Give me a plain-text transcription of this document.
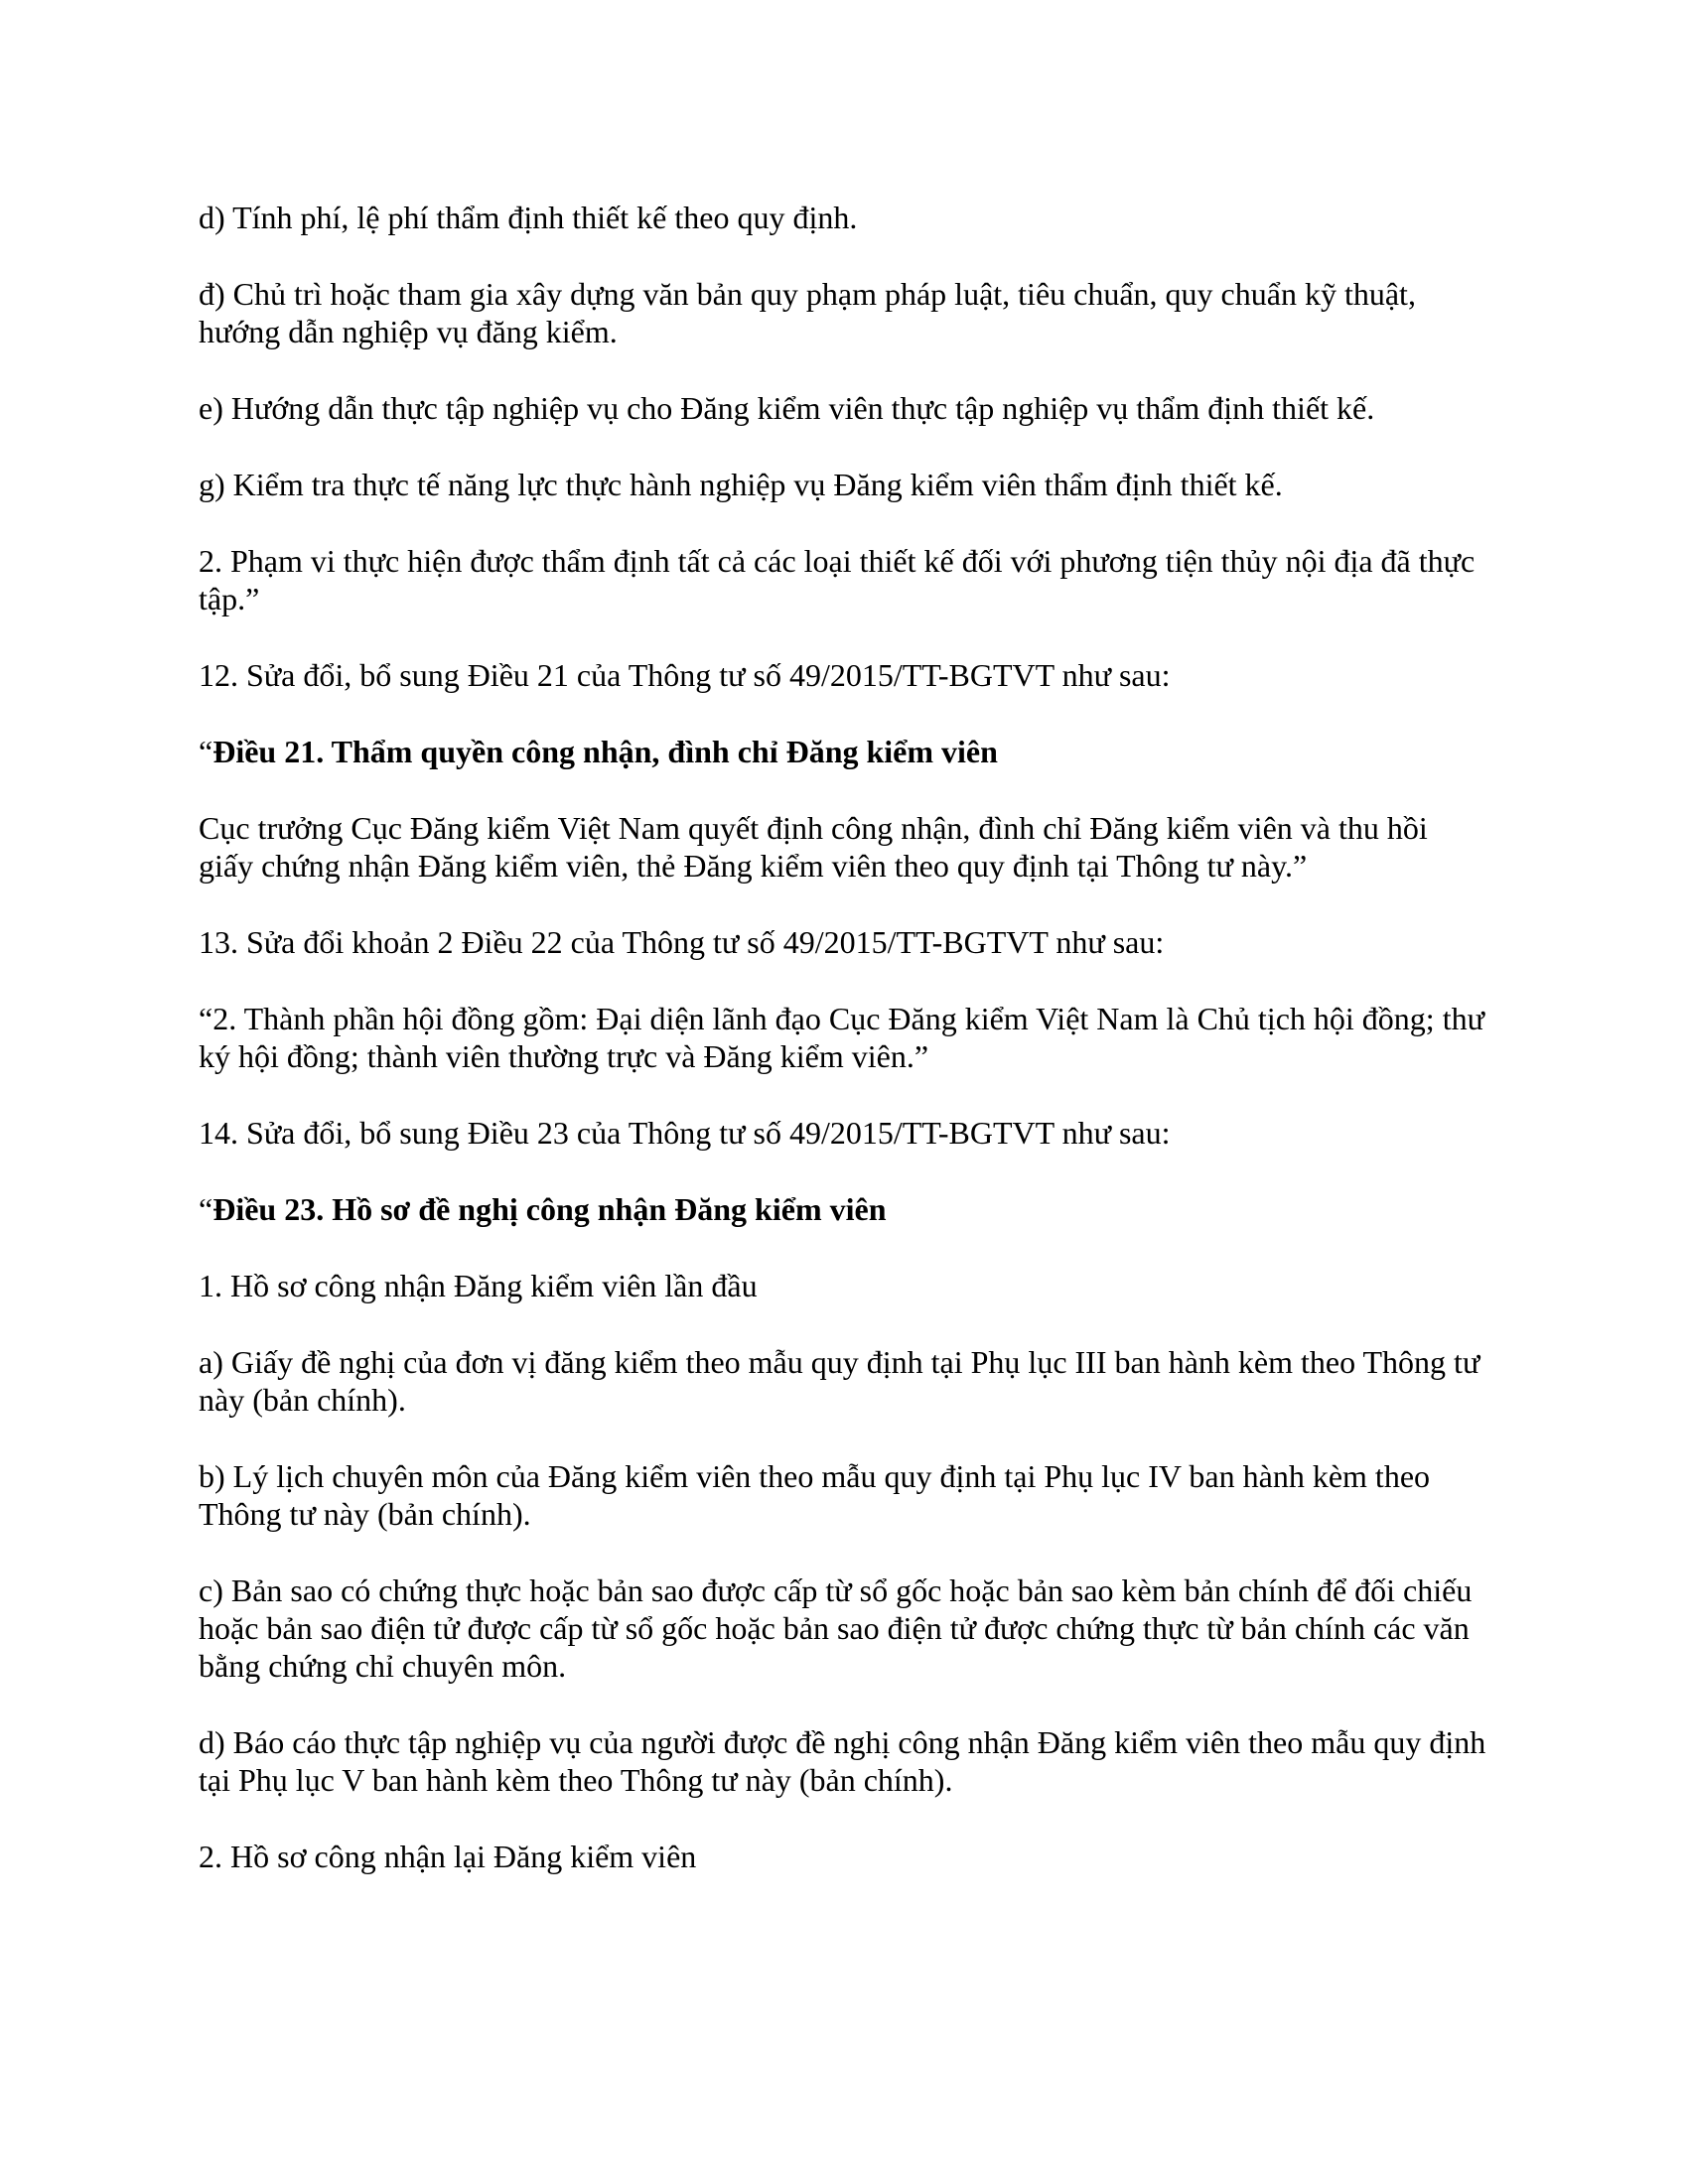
d) Tính phí, lệ phí thẩm định thiết kế theo quy định.

đ) Chủ trì hoặc tham gia xây dựng văn bản quy phạm pháp luật, tiêu chuẩn, quy chuẩn kỹ thuật, hướng dẫn nghiệp vụ đăng kiểm.

e) Hướng dẫn thực tập nghiệp vụ cho Đăng kiểm viên thực tập nghiệp vụ thẩm định thiết kế.

g) Kiểm tra thực tế năng lực thực hành nghiệp vụ Đăng kiểm viên thẩm định thiết kế.

2. Phạm vi thực hiện được thẩm định tất cả các loại thiết kế đối với phương tiện thủy nội địa đã thực tập.”

12. Sửa đổi, bổ sung Điều 21 của Thông tư số 49/2015/TT-BGTVT như sau:

“Điều 21. Thẩm quyền công nhận, đình chỉ Đăng kiểm viên

Cục trưởng Cục Đăng kiểm Việt Nam quyết định công nhận, đình chỉ Đăng kiểm viên và thu hồi giấy chứng nhận Đăng kiểm viên, thẻ Đăng kiểm viên theo quy định tại Thông tư này.”

13. Sửa đổi khoản 2 Điều 22 của Thông tư số 49/2015/TT-BGTVT như sau:

“2. Thành phần hội đồng gồm: Đại diện lãnh đạo Cục Đăng kiểm Việt Nam là Chủ tịch hội đồng; thư ký hội đồng; thành viên thường trực và Đăng kiểm viên.”

14. Sửa đổi, bổ sung Điều 23 của Thông tư số 49/2015/TT-BGTVT như sau:

“Điều 23. Hồ sơ đề nghị công nhận Đăng kiểm viên

1. Hồ sơ công nhận Đăng kiểm viên lần đầu

a) Giấy đề nghị của đơn vị đăng kiểm theo mẫu quy định tại Phụ lục III ban hành kèm theo Thông tư này (bản chính).

b) Lý lịch chuyên môn của Đăng kiểm viên theo mẫu quy định tại Phụ lục IV ban hành kèm theo Thông tư này (bản chính).

c) Bản sao có chứng thực hoặc bản sao được cấp từ sổ gốc hoặc bản sao kèm bản chính để đối chiếu hoặc bản sao điện tử được cấp từ sổ gốc hoặc bản sao điện tử được chứng thực từ bản chính các văn bằng chứng chỉ chuyên môn.

d) Báo cáo thực tập nghiệp vụ của người được đề nghị công nhận Đăng kiểm viên theo mẫu quy định tại Phụ lục V ban hành kèm theo Thông tư này (bản chính).

2. Hồ sơ công nhận lại Đăng kiểm viên
